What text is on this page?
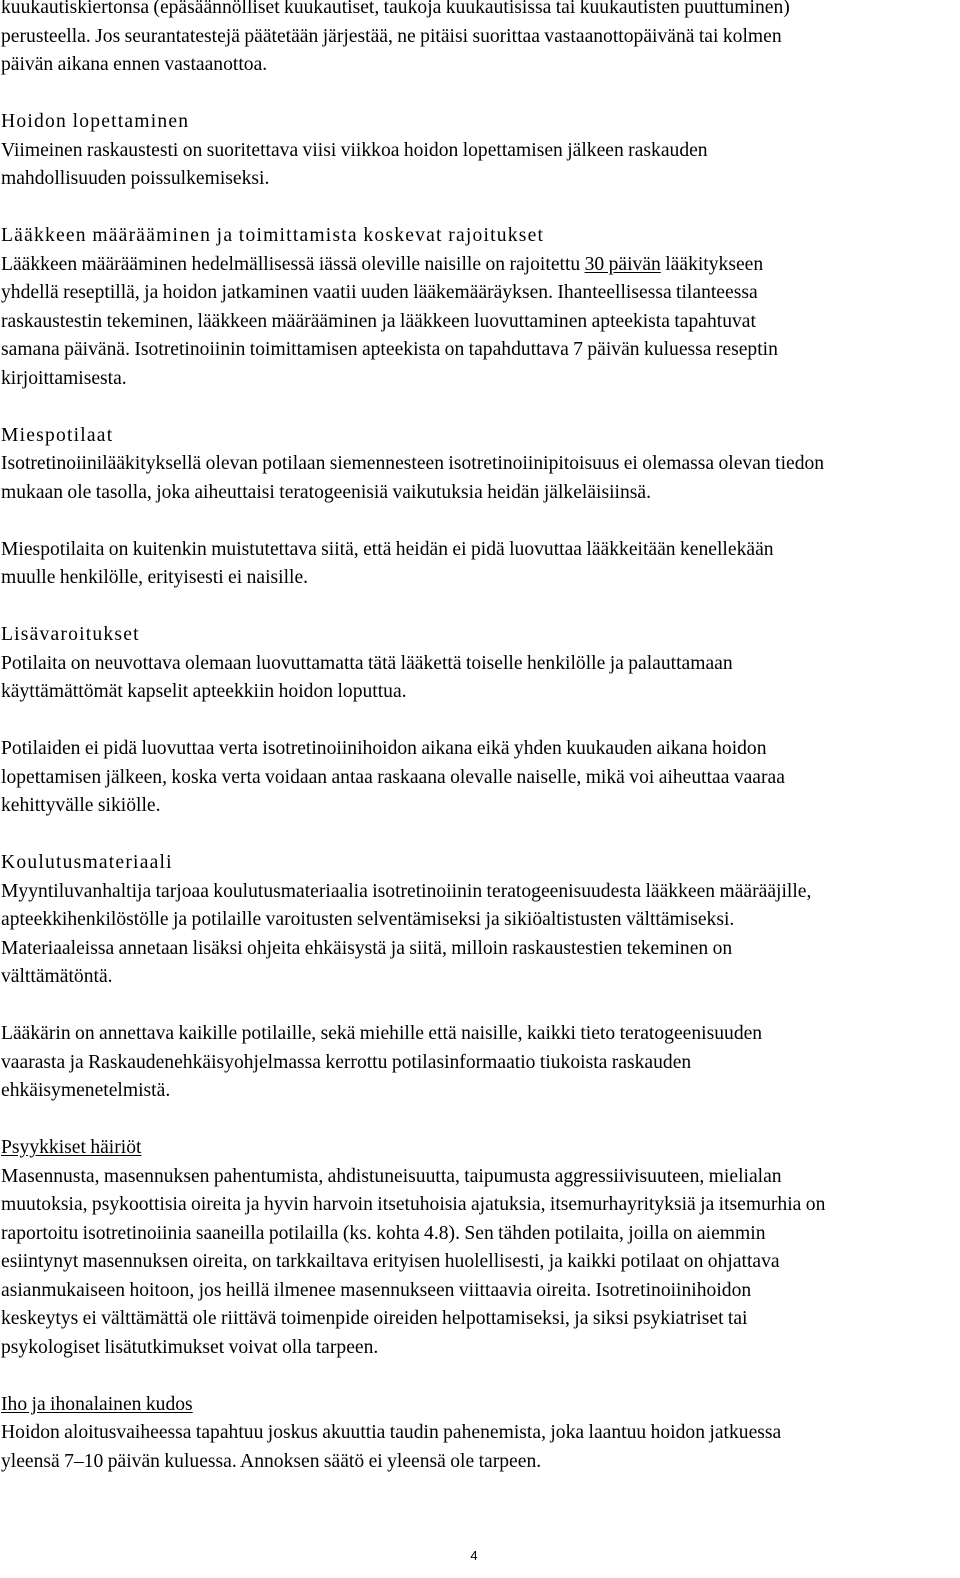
kuukautiskiertonsa (epäsäännölliset kuukautiset, taukoja kuukautisissa tai kuukautisten puuttuminen)

perusteella. Jos seurantatestejä päätetään järjestää, ne pitäisi suorittaa vastaanottopäivänä tai kolmen

päivän aikana ennen vastaanottoa.

Hoidon lopettaminen

Viimeinen raskaustesti on suoritettava viisi viikkoa hoidon lopettamisen jälkeen raskauden

mahdollisuuden poissulkemiseksi.

Lääkkeen määrääminen ja toimittamista koskevat rajoitukset

Lääkkeen määrääminen hedelmällisessä iässä oleville naisille on rajoitettu 30 päivän lääkitykseen

yhdellä reseptillä, ja hoidon jatkaminen vaatii uuden lääkemääräyksen. Ihanteellisessa tilanteessa

raskaustestin tekeminen, lääkkeen määrääminen ja lääkkeen luovuttaminen apteekista tapahtuvat

samana päivänä. Isotretinoiinin toimittamisen apteekista on tapahduttava 7 päivän kuluessa reseptin

kirjoittamisesta.

Miespotilaat

Isotretinoiinilääkityksellä olevan potilaan siemennesteen isotretinoiinipitoisuus ei olemassa olevan tiedon

mukaan ole tasolla, joka aiheuttaisi teratogeenisiä vaikutuksia heidän jälkeläisiinsä.

Miespotilaita on kuitenkin muistutettava siitä, että heidän ei pidä luovuttaa lääkkeitään kenellekään

muulle henkilölle, erityisesti ei naisille.

Lisävaroitukset

Potilaita on neuvottava olemaan luovuttamatta tätä lääkettä toiselle henkilölle ja palauttamaan

käyttämättömät kapselit apteekkiin hoidon loputtua.

Potilaiden ei pidä luovuttaa verta isotretinoiinihoidon aikana eikä yhden kuukauden aikana hoidon

lopettamisen jälkeen, koska verta voidaan antaa raskaana olevalle naiselle, mikä voi aiheuttaa vaaraa

kehittyvälle sikiölle.

Koulutusmateriaali

Myyntiluvanhaltija tarjoaa koulutusmateriaalia isotretinoiinin teratogeenisuudesta lääkkeen määrääjille,

apteekkihenkilöstölle ja potilaille varoitusten selventämiseksi ja sikiöaltistusten välttämiseksi.

Materiaaleissa annetaan lisäksi ohjeita ehkäisystä ja siitä, milloin raskaustestien tekeminen on

välttämätöntä.

Lääkärin on annettava kaikille potilaille, sekä miehille että naisille, kaikki tieto teratogeenisuuden

vaarasta ja Raskaudenehkäisyohjelmassa kerrottu potilasinformaatio tiukoista raskauden

ehkäisymenetelmistä.

Psyykkiset häiriöt

Masennusta, masennuksen pahentumista, ahdistuneisuutta, taipumusta aggressiivisuuteen, mielialan

muutoksia, psykoottisia oireita ja hyvin harvoin itsetuhoisia ajatuksia, itsemurhayrityksiä ja itsemurhia on

raportoitu isotretinoiinia saaneilla potilailla (ks. kohta 4.8). Sen tähden potilaita, joilla on aiemmin

esiintynyt masennuksen oireita, on tarkkailtava erityisen huolellisesti, ja kaikki potilaat on ohjattava

asianmukaiseen hoitoon, jos heillä ilmenee masennukseen viittaavia oireita. Isotretinoiinihoidon

keskeytys ei välttämättä ole riittävä toimenpide oireiden helpottamiseksi, ja siksi psykiatriset tai

psykologiset lisätutkimukset voivat olla tarpeen.

Iho ja ihonalainen kudos

Hoidon aloitusvaiheessa tapahtuu joskus akuuttia taudin pahenemista, joka laantuu hoidon jatkuessa

yleensä 7–10 päivän kuluessa. Annoksen säätö ei yleensä ole tarpeen.

4
